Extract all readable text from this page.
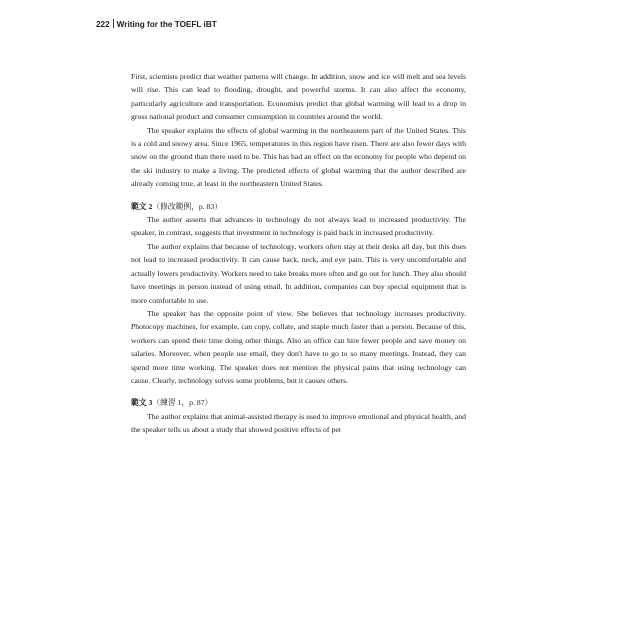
222 Writing for the TOEFL iBT

First, scientists predict that weather patterns will change. In addition, snow and ice will melt and sea levels will rise. This can lead to flooding, drought, and powerful storms. It can also affect the economy, particularly agriculture and transportation. Economists predict that global warming will lead to a drop in gross national product and consumer consumption in countries around the world.

The speaker explains the effects of global warming in the northeastern part of the United States. This is a cold and snowy area. Since 1965, temperatures in this region have risen. There are also fewer days with snow on the ground than there used to be. This has had an effect on the economy for people who depend on the ski industry to make a living. The predicted effects of global warming that the author described are already coming true, at least in the northeastern United States.

範文 2（修改範例，p. 83）

The author asserts that advances in technology do not always lead to increased productivity. The speaker, in contrast, suggests that investment in technology is paid back in increased productivity.

The author explains that because of technology, workers often stay at their desks all day, but this does not lead to increased productivity. It can cause back, neck, and eye pain. This is very uncomfortable and actually lowers productivity. Workers need to take breaks more often and go out for lunch. They also should have meetings in person instead of using email. In addition, companies can buy special equipment that is more comfortable to use.

The speaker has the opposite point of view. She believes that technology increases productivity. Photocopy machines, for example, can copy, collate, and staple much faster than a person. Because of this, workers can spend their time doing other things. Also an office can hire fewer people and save money on salaries. Moreover, when people use email, they don't have to go to so many meetings. Instead, they can spend more time working. The speaker does not mention the physical pains that using technology can cause. Clearly, technology solves some problems, but it causes others.

範文 3（練習 1，p. 87）

The author explains that animal-assisted therapy is used to improve emotional and physical health, and the speaker tells us about a study that showed positive effects of pet
